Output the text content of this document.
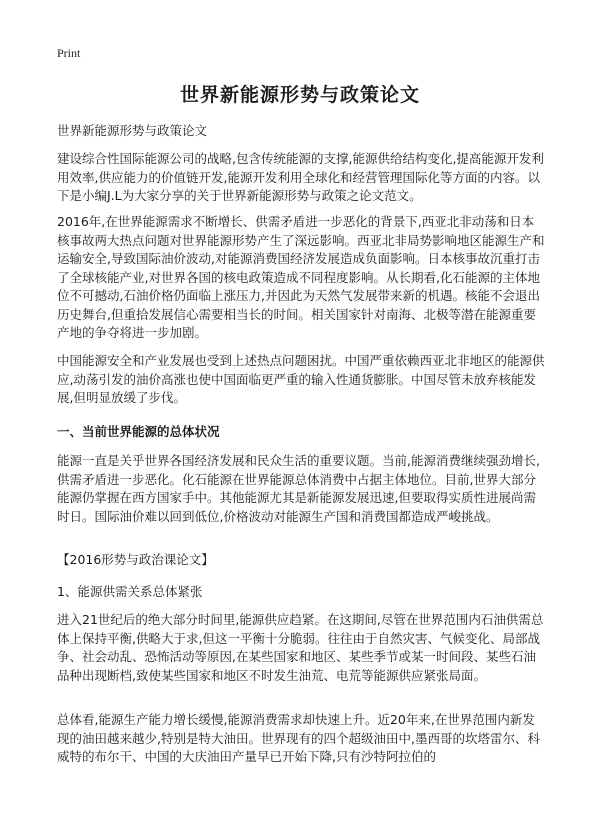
Print
世界新能源形势与政策论文

世界新能源形势与政策论文

建设综合性国际能源公司的战略,包含传统能源的支撑,能源供给结构变化,提高能源开发利用效率,供应能力的价值链开发,能源开发利用全球化和经营管理国际化等方面的内容。以下是小编J.L为大家分享的关于世界新能源形势与政策之论文范文。

2016年,在世界能源需求不断增长、供需矛盾进一步恶化的背景下,西亚北非动荡和日本核事故两大热点问题对世界能源形势产生了深远影响。西亚北非局势影响地区能源生产和运输安全,导致国际油价波动,对能源消费国经济发展造成负面影响。日本核事故沉重打击了全球核能产业,对世界各国的核电政策造成不同程度影响。从长期看,化石能源的主体地位不可撼动,石油价格仍面临上涨压力,并因此为天然气发展带来新的机遇。核能不会退出历史舞台,但重拾发展信心需要相当长的时间。相关国家针对南海、北极等潜在能源重要产地的争夺将进一步加剧。

中国能源安全和产业发展也受到上述热点问题困扰。中国严重依赖西亚北非地区的能源供应,动荡引发的油价高涨也使中国面临更严重的输入性通货膨胀。中国尽管未放弃核能发展,但明显放缓了步伐。

一、当前世界能源的总体状况

能源一直是关乎世界各国经济发展和民众生活的重要议题。当前,能源消费继续强劲增长,供需矛盾进一步恶化。化石能源在世界能源总体消费中占据主体地位。目前,世界大部分能源仍掌握在西方国家手中。其他能源尤其是新能源发展迅速,但要取得实质性进展尚需时日。国际油价难以回到低位,价格波动对能源生产国和消费国都造成严峻挑战。

【2016形势与政治课论文】

1、能源供需关系总体紧张

进入21世纪后的绝大部分时间里,能源供应趋紧。在这期间,尽管在世界范围内石油供需总体上保持平衡,供略大于求,但这一平衡十分脆弱。往往由于自然灾害、气候变化、局部战争、社会动乱、恐怖活动等原因,在某些国家和地区、某些季节或某一时间段、某些石油品种出现断档,致使某些国家和地区不时发生油荒、电荒等能源供应紧张局面。

总体看,能源生产能力增长缓慢,能源消费需求却快速上升。近20年来,在世界范围内新发现的油田越来越少,特别是特大油田。世界现有的四个超级油田中,墨西哥的坎塔雷尔、科威特的布尔干、中国的大庆油田产量早已开始下降,只有沙特阿拉伯的
